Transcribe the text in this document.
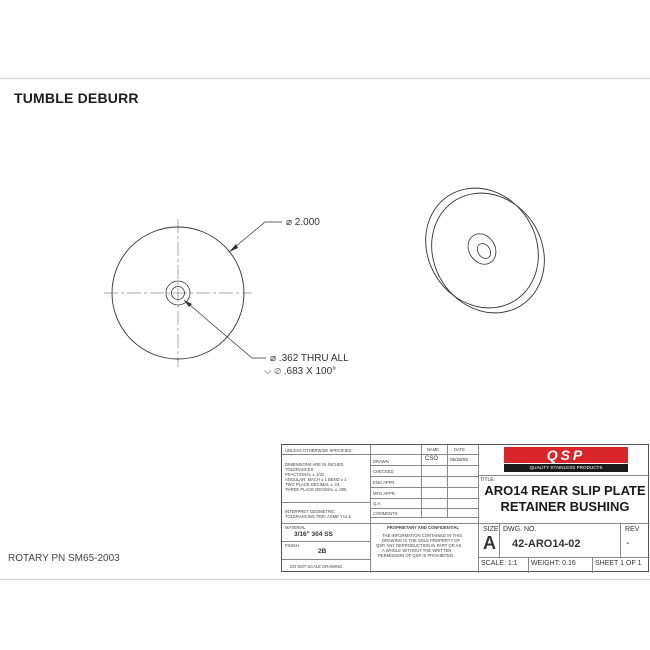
TUMBLE DEBURR
⌀ 2.000
⌀ .362 THRU ALL
⌵ ⌀ .683 X 100°
ROTARY PN SM65-2003
UNLESS OTHERWISE SPECIFIED:
DIMENSIONS ARE IN INCHES
TOLERANCES:
FRACTIONAL ± 1/32
ANGULAR: MACH ± 1 BEND ± 1
TWO PLACE DECIMAL ± .01
THREE PLACE DECIMAL ± .005
INTERPRET GEOMETRIC
TOLERANCING PER: ASME Y14.5
MATERIAL
3/16" 304 SS
FINISH
2B
DO NOT SCALE DRAWING
NAME	DATE
DRAWN	CSO	06/28/06
CHECKED
ENG APPR.
MFG APPR.
Q.A.
COMMENTS:
PROPRIETARY AND CONFIDENTIAL
THE INFORMATION CONTAINED IN THIS
DRAWING IS THE SOLE PROPERTY OF
QSP. ANY REPRODUCTION IN PART OR AS
A WHOLE WITHOUT THE WRITTEN
PERMISSION OF QSP IS PROHIBITED.
QSP
QUALITY STAINLESS PRODUCTS
TITLE:
ARO14 REAR SLIP PLATE
RETAINER BUSHING
SIZE
A
DWG. NO.
42-ARO14-02
REV
-
SCALE: 1:1 WEIGHT: 0.16	SHEET 1 OF 1
